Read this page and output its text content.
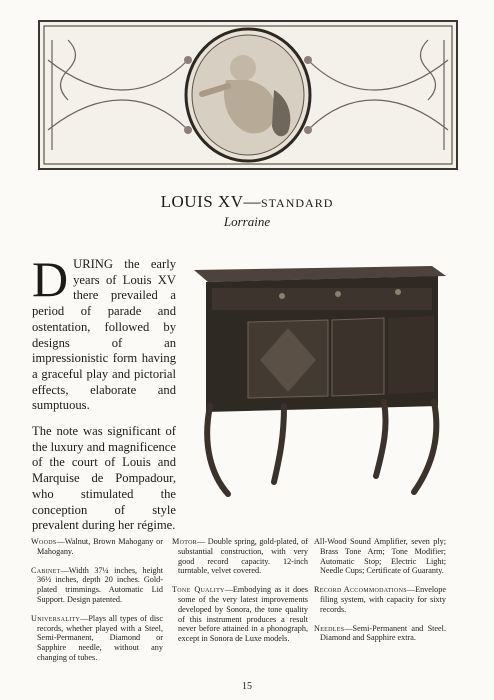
LOUIS XV—STANDARD
Lorraine

DURING the early years of Louis XV there prevailed a period of parade and ostentation, followed by designs of an impressionistic form having a graceful play and pictorial effects, elaborate and sumptuous.

The note was significant of the luxury and magnificence of the court of Louis and Marquise de Pompadour, who stimulated the conception of style prevalent during her régime.

Woods—Walnut, Brown Mahogany or Mahogany.

Cabinet—Width 37¼ inches, height 36½ inches, depth 20 inches. Gold-plated trimmings. Automatic Lid Support. Design patented.

Universality—Plays all types of disc records, whether played with a Steel, Semi-Permanent, Diamond or Sapphire needle, without any changing of tubes.

Motor— Double spring, gold-plated, of substantial construction, with very good record capacity. 12-inch turntable, velvet covered.

Tone Quality—Embodying as it does some of the very latest improvements developed by Sonora, the tone quality of this instrument produces a result never before attained in a phonograph, except in Sonora de Luxe models.

All-Wood Sound Amplifier, seven ply; Brass Tone Arm; Tone Modifier; Automatic Stop; Electric Light; Needle Cups; Certificate of Guaranty.

Record Accommodations—Envelope filing system, with capacity for sixty records.

Needles—Semi-Permanent and Steel. Diamond and Sapphire extra.

15
